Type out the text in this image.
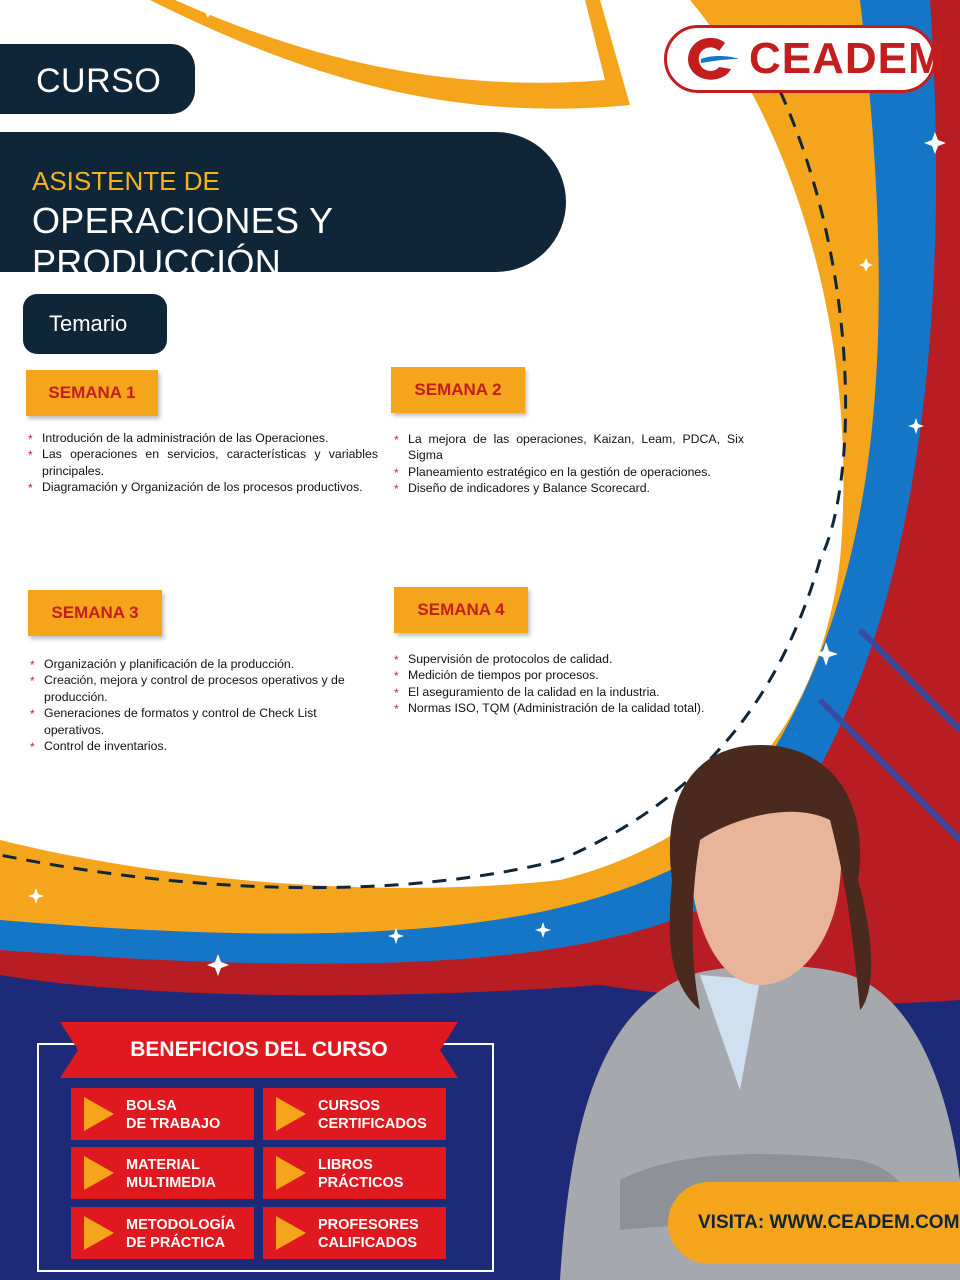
CEADEM
CURSO
ASISTENTE DE
OPERACIONES Y PRODUCCIÓN
Temario
SEMANA 1
* Introdución de la administración de las Operaciones.
* Las operaciones en servicios, características y variables principales.
* Diagramación y Organización de los procesos productivos.
SEMANA 2
* La mejora de las operaciones, Kaizan, Leam, PDCA, Six Sigma
* Planeamiento estratégico en la gestión de operaciones.
* Diseño de indicadores y Balance Scorecard.
SEMANA 3
* Organización y planificación de la producción.
* Creación, mejora y control de procesos operativos y de producción.
* Generaciones de formatos y control de Check List operativos.
* Control de inventarios.
SEMANA 4
* Supervisión de protocolos de calidad.
* Medición de tiempos por procesos.
* El aseguramiento de la calidad en la industria.
* Normas ISO, TQM (Administración de la calidad total).
BENEFICIOS DEL CURSO
BOLSA
DE TRABAJO
CURSOS
CERTIFICADOS
MATERIAL
MULTIMEDIA
LIBROS
PRÁCTICOS
METODOLOGÍA
DE PRÁCTICA
PROFESORES
CALIFICADOS
VISITA: WWW.CEADEM.COM
